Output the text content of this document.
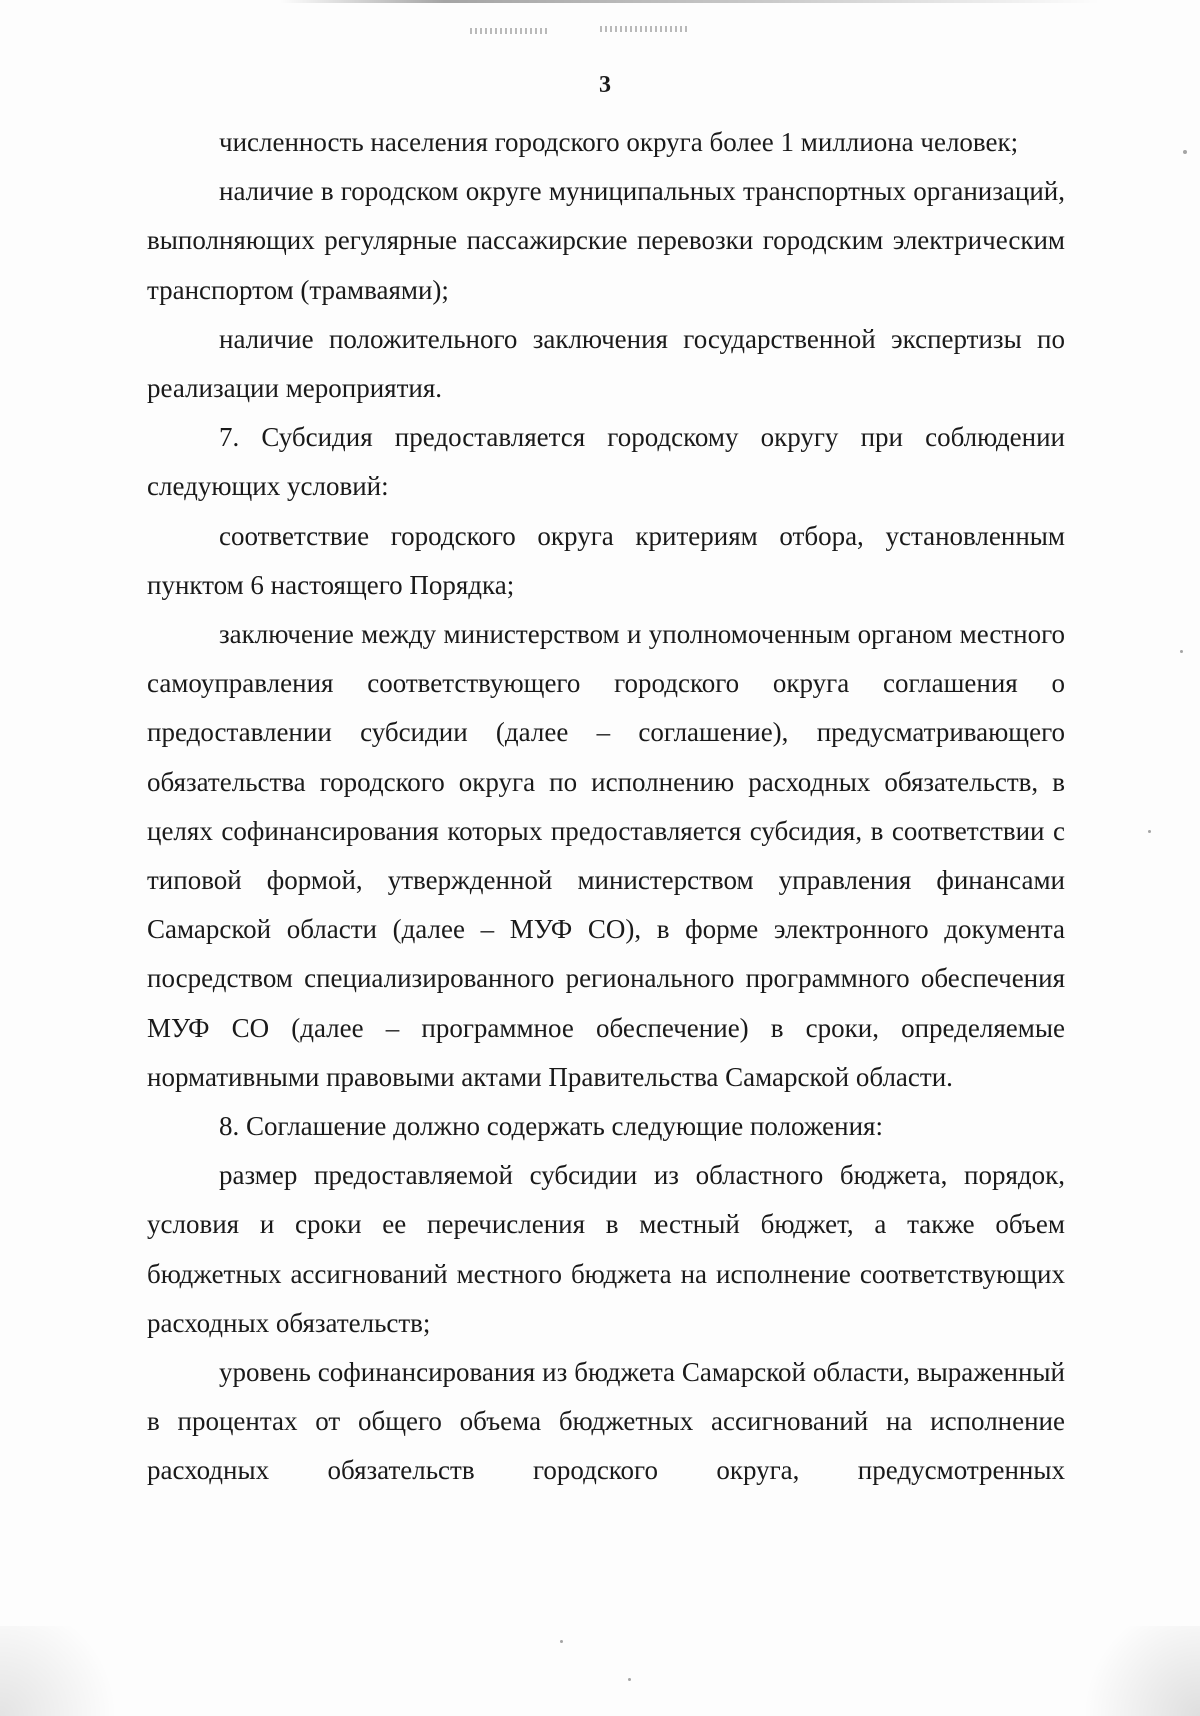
3

численность населения городского округа более 1 миллиона человек;

наличие в городском округе муниципальных транспортных организаций, выполняющих регулярные пассажирские перевозки городским электрическим транспортом (трамваями);

наличие положительного заключения государственной экспертизы по реализации мероприятия.

7. Субсидия предоставляется городскому округу при соблюдении следующих условий:

соответствие городского округа критериям отбора, установленным пунктом 6 настоящего Порядка;

заключение между министерством и уполномоченным органом местного самоуправления соответствующего городского округа соглашения о предоставлении субсидии (далее – соглашение), предусматривающего обязательства городского округа по исполнению расходных обязательств, в целях софинансирования которых предоставляется субсидия, в соответствии с типовой формой, утвержденной министерством управления финансами Самарской области (далее – МУФ СО), в форме электронного документа посредством специализированного регионального программного обеспечения МУФ СО (далее – программное обеспечение) в сроки, определяемые нормативными правовыми актами Правительства Самарской области.

8. Соглашение должно содержать следующие положения:

размер предоставляемой субсидии из областного бюджета, порядок, условия и сроки ее перечисления в местный бюджет, а также объем бюджетных ассигнований местного бюджета на исполнение соответствующих расходных обязательств;

уровень софинансирования из бюджета Самарской области, выраженный в процентах от общего объема бюджетных ассигнований на исполнение расходных обязательств городского округа, предусмотренных
